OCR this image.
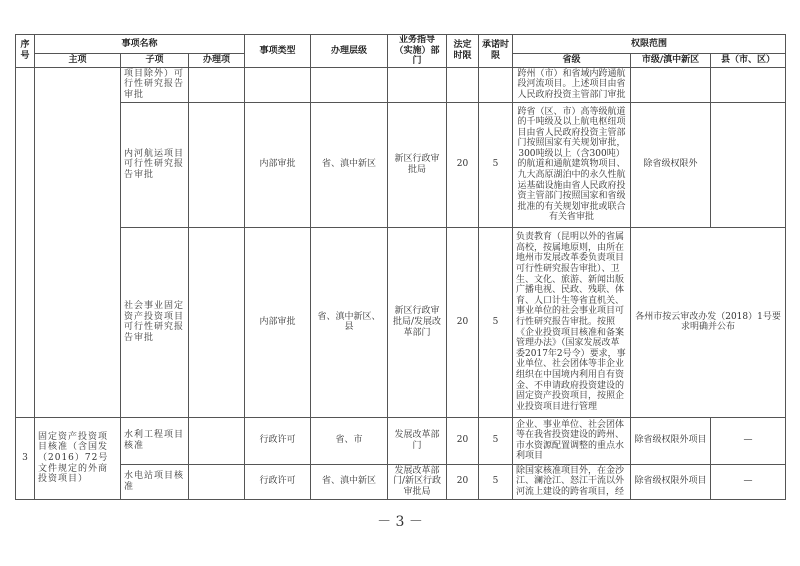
序号	事项名称			事项类型	办理层级	业务指导（实施）部门	法定时限	承诺时限	权限范围		
	主项	子项	办理项						省级	市级/滇中新区	县（市、区）
		项目除外）可行性研究报告审批							跨州（市）和省域内跨通航段河流项目。上述项目由省人民政府投资主管部门审批		
		内河航运项目可行性研究报告审批		内部审批	省、滇中新区	新区行政审批局	20	5	跨省（区、市）高等级航道的千吨级及以上航电枢纽项目由省人民政府投资主管部门按照国家有关规划审批，300吨级以上（含300吨）的航道和通航建筑物项目、九大高原湖泊中的永久性航运基础设施由省人民政府投资主管部门按照国家和省级批准的有关规划审批或联合有关省审批	除省级权限外	
		社会事业固定资产投资项目可行性研究报告审批		内部审批	省、滇中新区、县	新区行政审批局/发展改革部门	20	5	负责教育（昆明以外的省属高校，按属地原则，由所在地州市发展改革委负责项目可行性研究报告审批）、卫生、文化、旅游、新闻出版广播电视、民政、残联、体育、人口计生等省直机关、事业单位的社会事业项目可行性研究报告审批。按照《企业投资项目核准和备案管理办法》（国家发展改革委2017年2号令）要求，事业单位、社会团体等非企业组织在中国境内利用自有资金、不申请政府投资建设的固定资产投资项目，按照企业投资项目进行管理	各州市按云审改办发（2018）1号要求明确并公布	
3	固定资产投资项目核准（含国发（2016）72号文件规定的外商投资项目）	水利工程项目核准		行政许可	省、市	发展改革部门	20	5	企业、事业单位、社会团体等在我省投资建设的跨州、市水资源配置调整的重点水利项目	除省级权限外项目	—
		水电站项目核准		行政许可	省、滇中新区	发展改革部门/新区行政审批局	20	5	除国家核准项目外，在金沙江、澜沧江、怒江干流以外河流上建设的跨省项目，经	除省级权限外项目	—
－ 3 －
